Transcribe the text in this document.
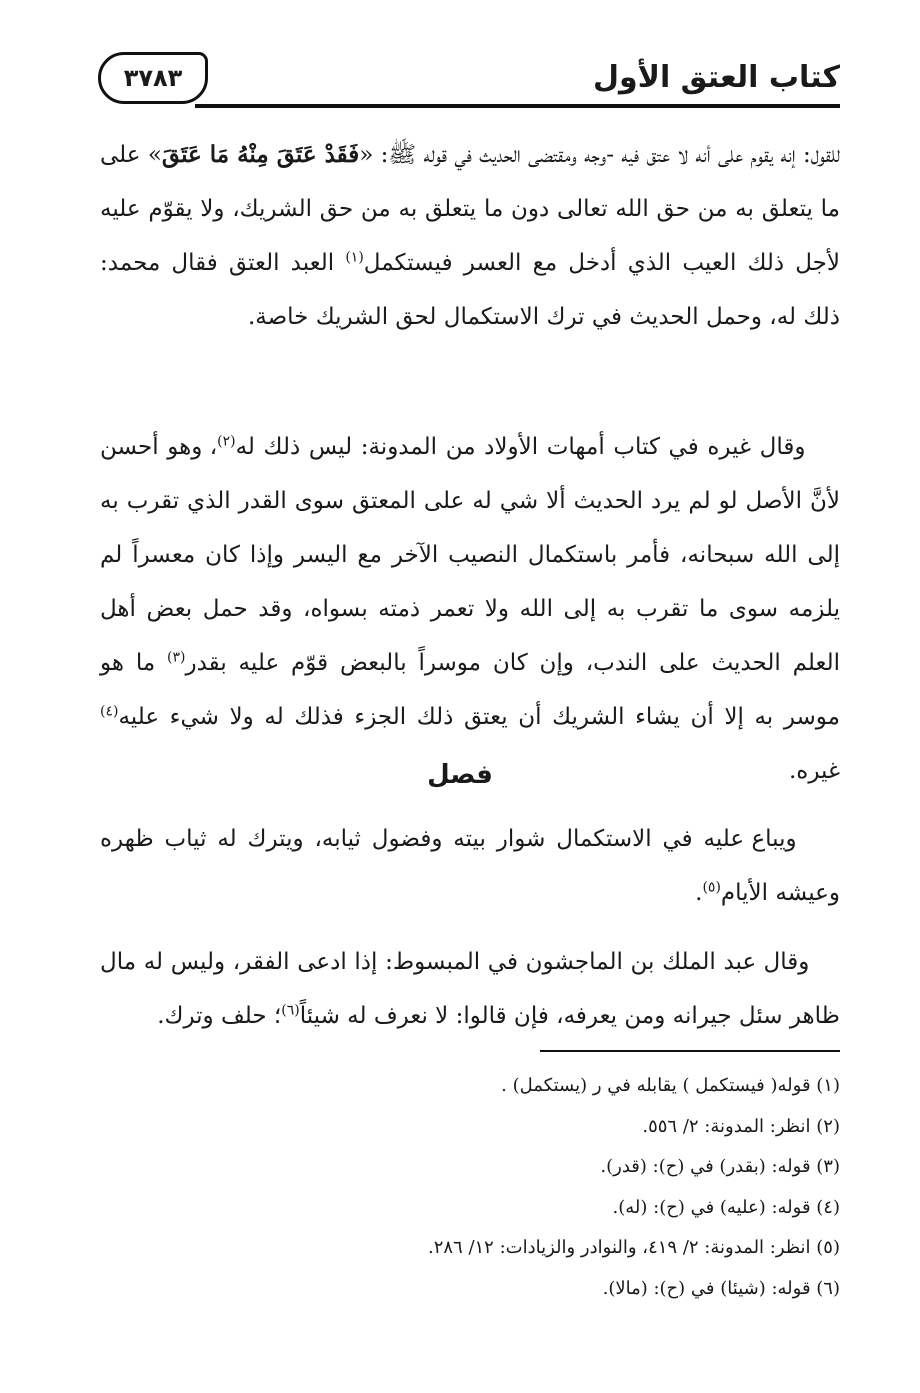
كتاب العتق الأول
٣٧٨٣

للقول: إنه يقوم على أنه لا عتق فيه -وجه ومقتضى الحديث في قوله ﷺ: «فَقَدْ عَتَقَ مِنْهُ مَا عَتَقَ» على ما يتعلق به من حق الله تعالى دون ما يتعلق به من حق الشريك، ولا يقوّم عليه لأجل ذلك العيب الذي أدخل مع العسر فيستكمل$^{(١)}$ العبد العتق فقال محمد: ذلك له، وحمل الحديث في ترك الاستكمال لحق الشريك خاصة.

وقال غيره في كتاب أمهات الأولاد من المدونة: ليس ذلك له$^{(٢)}$، وهو أحسن لأنَّ الأصل لو لم يرد الحديث ألا شي له على المعتق سوى القدر الذي تقرب به إلى الله سبحانه، فأمر باستكمال النصيب الآخر مع اليسر وإذا كان معسراً لم يلزمه سوى ما تقرب به إلى الله ولا تعمر ذمته بسواه، وقد حمل بعض أهل العلم الحديث على الندب، وإن كان موسراً بالبعض قوّم عليه بقدر$^{(٣)}$ ما هو موسر به إلا أن يشاء الشريك أن يعتق ذلك الجزء فذلك له ولا شيء عليه$^{(٤)}$ غيره.

فصل

ويباع عليه في الاستكمال شوار بيته وفضول ثيابه، ويترك له ثياب ظهره وعيشه الأيام$^{(٥)}$.

وقال عبد الملك بن الماجشون في المبسوط: إذا ادعى الفقر، وليس له مال ظاهر سئل جيرانه ومن يعرفه، فإن قالوا: لا نعرف له شيئاً$^{(٦)}$؛ حلف وترك.

(١) قوله( فيستكمل ) يقابله في ر (يستكمل) .

(٢) انظر: المدونة: ٢/ ٥٥٦.

(٣) قوله: (بقدر) في (ح): (قدر).

(٤) قوله: (عليه) في (ح): (له).

(٥) انظر: المدونة: ٢/ ٤١٩، والنوادر والزيادات: ١٢/ ٢٨٦.

(٦) قوله: (شيئا) في (ح): (مالا).
